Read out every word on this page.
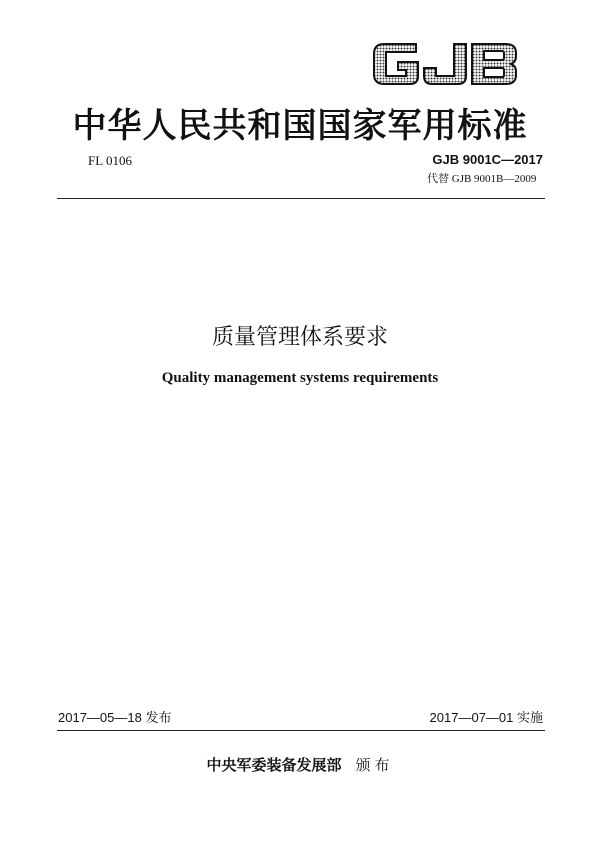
中华人民共和国国家军用标准
FL 0106	GJB 9001C—2017
代替 GJB 9001B—2009
质量管理体系要求
Quality management systems requirements
2017—05—18 发布	2017—07—01 实施
中央军委装备发展部 颁布
